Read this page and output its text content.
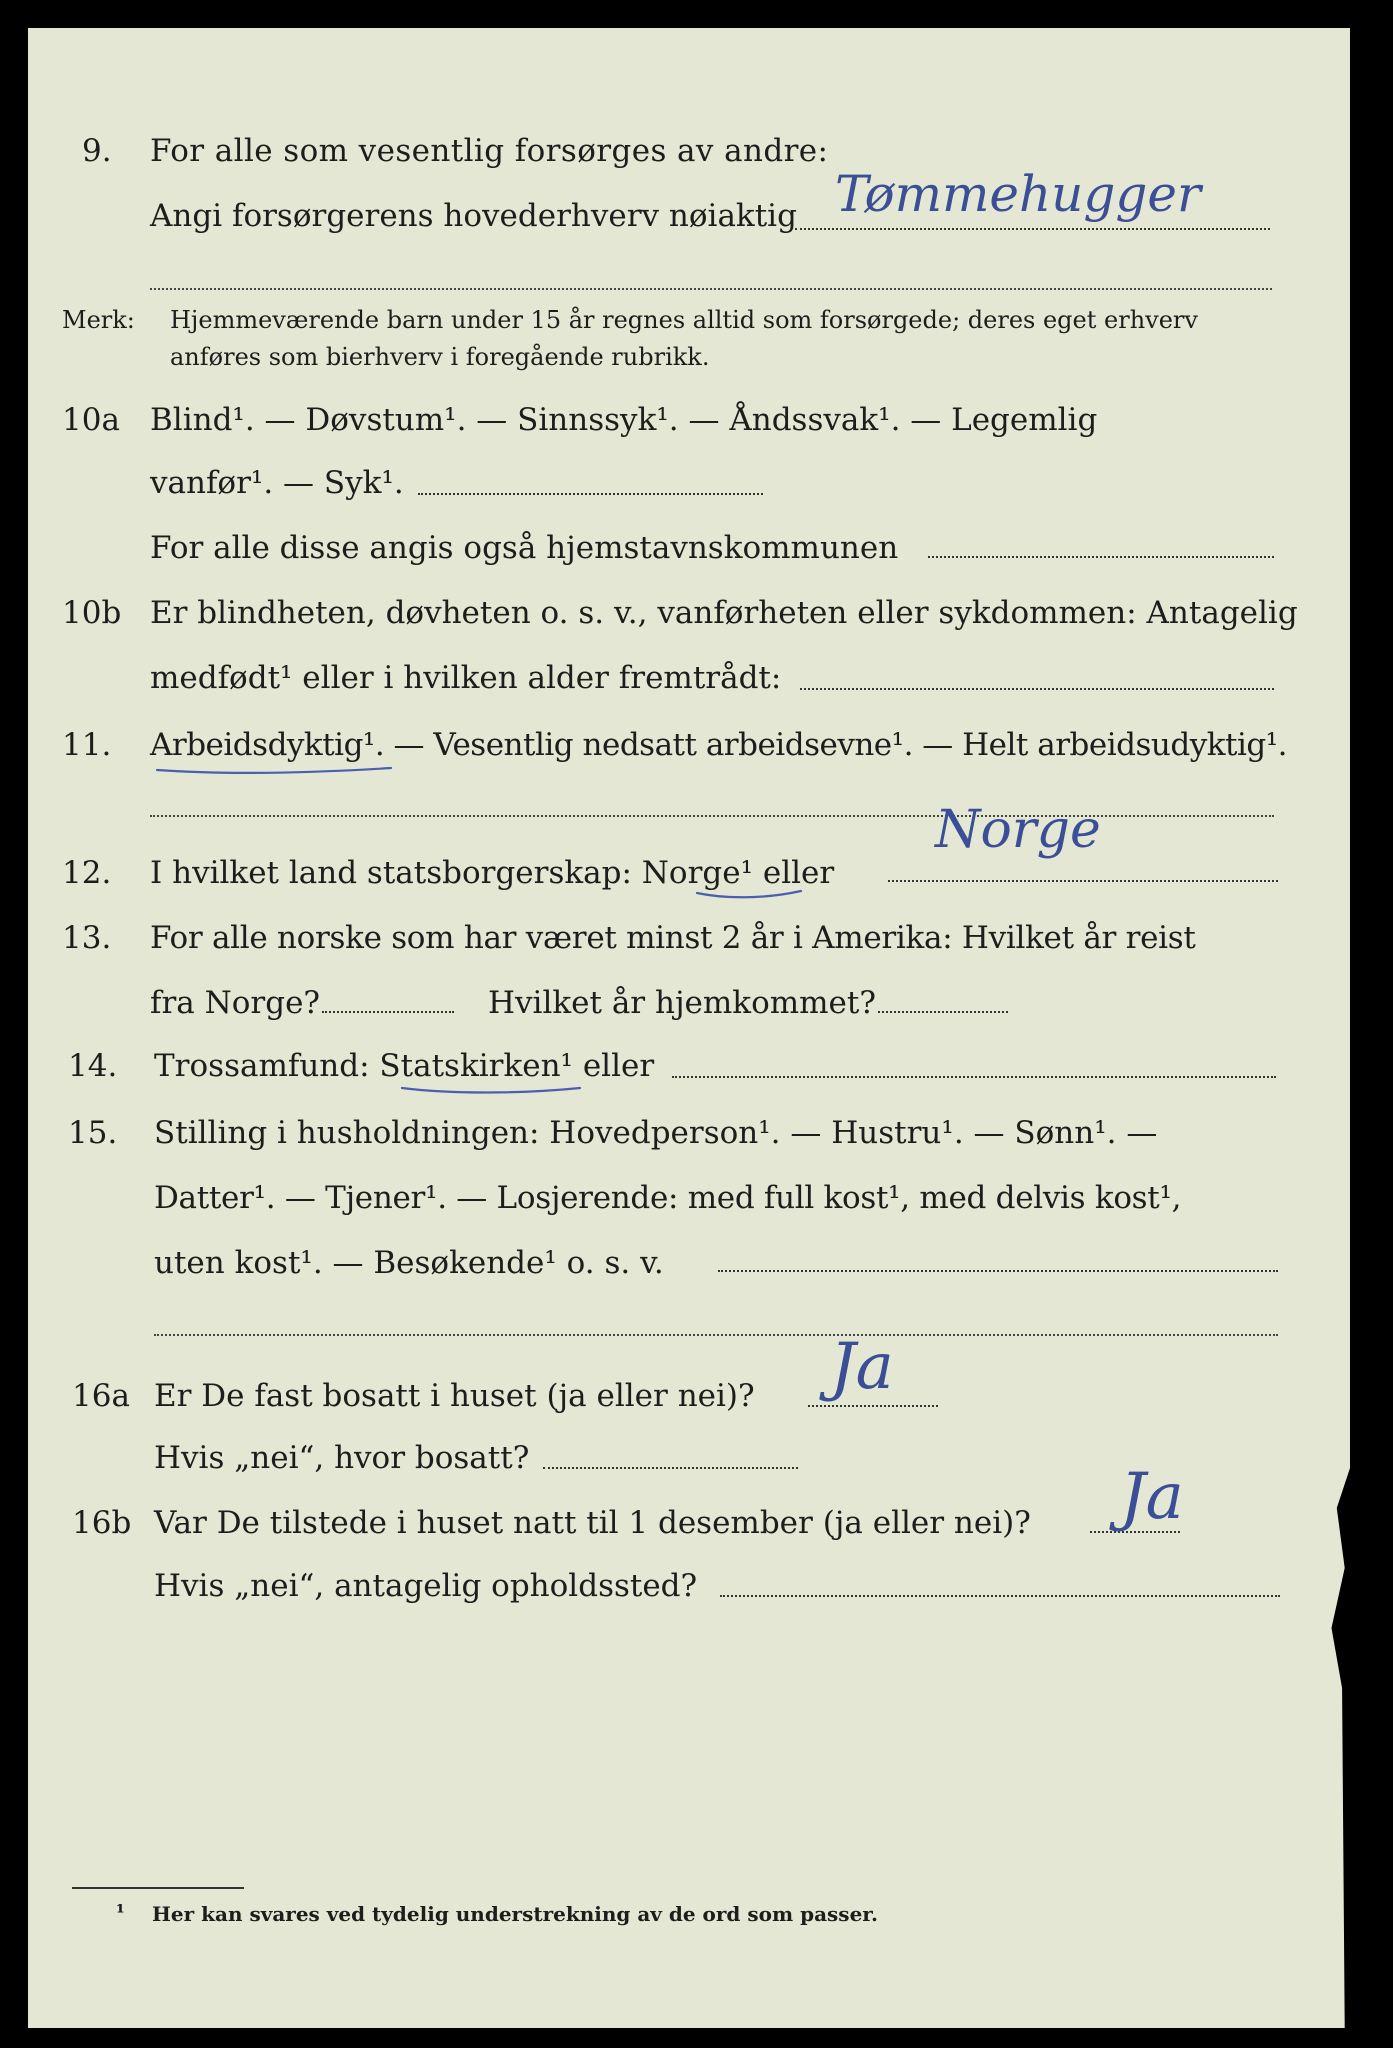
9. For alle som vesentlig forsørges av andre:
Angi forsørgerens hovederhverv nøiaktig Tømmehugger
Merk: Hjemmeværende barn under 15 år regnes alltid som forsørgede; deres eget erhverv
anføres som bierhverv i foregående rubrikk.
10a Blind¹. — Døvstum¹. — Sinnssyk¹. — Åndssvak¹. — Legemlig
vanfør¹. — Syk¹.
For alle disse angis også hjemstavnskommunen
10b Er blindheten, døvheten o. s. v., vanførheten eller sykdommen: Antagelig
medfødt¹ eller i hvilken alder fremtrådt:
11. Arbeidsdyktig¹. — Vesentlig nedsatt arbeidsevne¹. — Helt arbeidsudyktig¹.
12. I hvilket land statsborgerskap: Norge¹ eller
Norge
13. For alle norske som har været minst 2 år i Amerika: Hvilket år reist
fra Norge?	Hvilket år hjemkommet?
14. Trossamfund: Statskirken¹ eller
15. Stilling i husholdningen: Hovedperson¹. — Hustru¹. — Sønn¹. —
Datter¹. — Tjener¹. — Losjerende: med full kost¹, med delvis kost¹,
uten kost¹. — Besøkende¹ o. s. v.
16a Er De fast bosatt i huset (ja eller nei)? Ja
Hvis „nei“, hvor bosatt?
16b Var De tilstede i huset natt til 1 desember (ja eller nei)? Ja
Hvis „nei“, antagelig opholdssted?
¹ Her kan svares ved tydelig understrekning av de ord som passer.
